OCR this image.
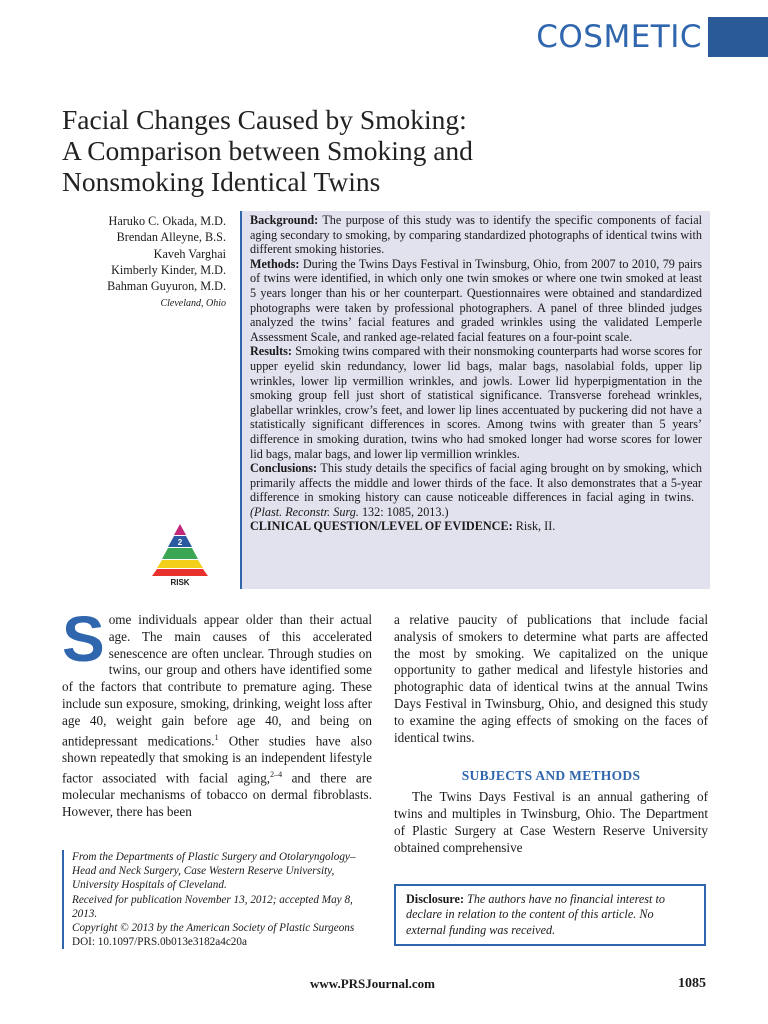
COSMETIC
Facial Changes Caused by Smoking:
A Comparison between Smoking and
Nonsmoking Identical Twins
Haruko C. Okada, M.D.
Brendan Alleyne, B.S.
Kaveh Varghai
Kimberly Kinder, M.D.
Bahman Guyuron, M.D.
Cleveland, Ohio

Background: The purpose of this study was to identify the specific components of facial aging secondary to smoking, by comparing standardized photographs of identical twins with different smoking histories.

Methods: During the Twins Days Festival in Twinsburg, Ohio, from 2007 to 2010, 79 pairs of twins were identified, in which only one twin smokes or where one twin smoked at least 5 years longer than his or her counterpart. Questionnaires were obtained and standardized photographs were taken by professional photographers. A panel of three blinded judges analyzed the twins’ facial features and graded wrinkles using the validated Lemperle Assessment Scale, and ranked age-related facial features on a four-point scale.

Results: Smoking twins compared with their nonsmoking counterparts had worse scores for upper eyelid skin redundancy, lower lid bags, malar bags, nasolabial folds, upper lip wrinkles, lower lip vermillion wrinkles, and jowls. Lower lid hyperpigmentation in the smoking group fell just short of statistical significance. Transverse forehead wrinkles, glabellar wrinkles, crow’s feet, and lower lip lines accentuated by puckering did not have a statistically significant differences in scores. Among twins with greater than 5 years’ difference in smoking duration, twins who had smoked longer had worse scores for lower lid bags, malar bags, and lower lip vermillion wrinkles.

Conclusions: This study details the specifics of facial aging brought on by smoking, which primarily affects the middle and lower thirds of the face. It also demonstrates that a 5-year difference in smoking history can cause noticeable differences in facial aging in twins.   (Plast. Reconstr. Surg. 132: 1085, 2013.)

CLINICAL QUESTION/LEVEL OF EVIDENCE: Risk, II.

2
RISK

Some individuals appear older than their actual age. The main causes of this accelerated senescence are often unclear. Through studies on twins, our group and others have identified some of the factors that contribute to premature aging. These include sun exposure, smoking, drinking, weight loss after age 40, weight gain before age 40, and being on antidepressant medications.$^1$ Other studies have also shown repeatedly that smoking is an independent lifestyle factor associated with facial aging,$^{2-4}$ and there are molecular mechanisms of tobacco on dermal fibroblasts. However, there has been

a relative paucity of publications that include facial analysis of smokers to determine what parts are affected the most by smoking. We capitalized on the unique opportunity to gather medical and lifestyle histories and photographic data of identical twins at the annual Twins Days Festival in Twinsburg, Ohio, and designed this study to examine the aging effects of smoking on the faces of identical twins.

SUBJECTS AND METHODS

The Twins Days Festival is an annual gathering of twins and multiples in Twinsburg, Ohio. The Department of Plastic Surgery at Case Western Reserve University obtained comprehensive

From the Departments of Plastic Surgery and Otolaryngology–Head and Neck Surgery, Case Western Reserve University, University Hospitals of Cleveland.

Received for publication November 13, 2012; accepted May 8, 2013.

Copyright © 2013 by the American Society of Plastic Surgeons

DOI: 10.1097/PRS.0b013e3182a4c20a

Disclosure: The authors have no financial interest to declare in relation to the content of this article. No external funding was received.
www.PRSJournal.com	1085
